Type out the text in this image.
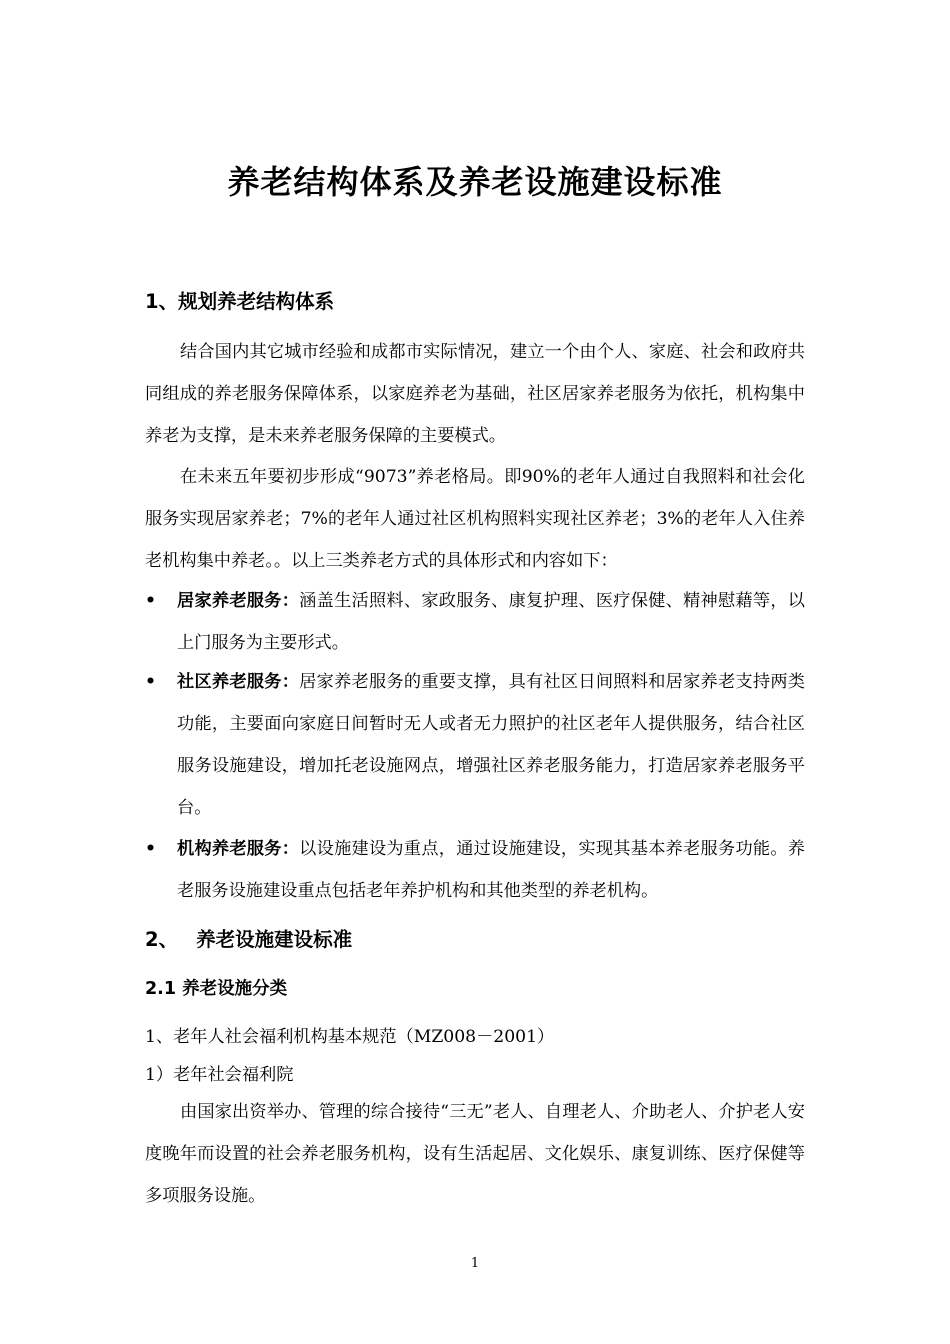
养老结构体系及养老设施建设标准
1、规划养老结构体系

结合国内其它城市经验和成都市实际情况，建立一个由个人、家庭、社会和政府共同组成的养老服务保障体系，以家庭养老为基础，社区居家养老服务为依托，机构集中养老为支撑，是未来养老服务保障的主要模式。

在未来五年要初步形成“9073”养老格局。即90%的老年人通过自我照料和社会化服务实现居家养老；7%的老年人通过社区机构照料实现社区养老；3%的老年人入住养老机构集中养老。。以上三类养老方式的具体形式和内容如下：

•	居家养老服务：涵盖生活照料、家政服务、康复护理、医疗保健、精神慰藉等，以上门服务为主要形式。
•	社区养老服务：居家养老服务的重要支撑，具有社区日间照料和居家养老支持两类功能，主要面向家庭日间暂时无人或者无力照护的社区老年人提供服务，结合社区服务设施建设，增加托老设施网点，增强社区养老服务能力，打造居家养老服务平台。
•	机构养老服务：以设施建设为重点，通过设施建设，实现其基本养老服务功能。养老服务设施建设重点包括老年养护机构和其他类型的养老机构。
2、 养老设施建设标准
2.1 养老设施分类
1、老年人社会福利机构基本规范（MZ008－2001）
1）老年社会福利院

由国家出资举办、管理的综合接待“三无”老人、自理老人、介助老人、介护老人安度晚年而设置的社会养老服务机构，设有生活起居、文化娱乐、康复训练、医疗保健等多项服务设施。

1
